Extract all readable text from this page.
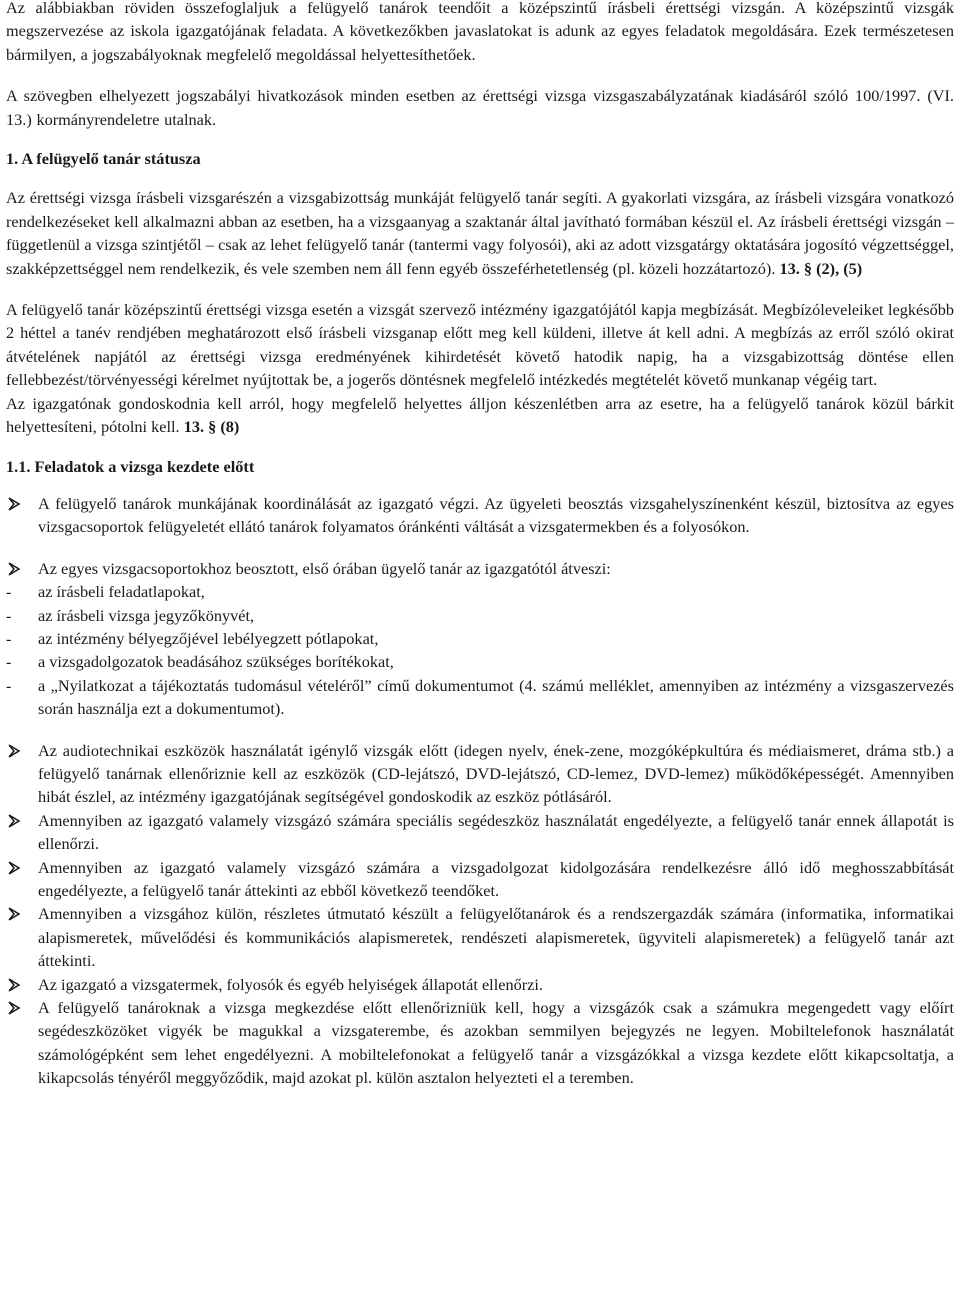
Az alábbiakban röviden összefoglaljuk a felügyelő tanárok teendőit a középszintű írásbeli érettségi vizsgán. A középszintű vizsgák megszervezése az iskola igazgatójának feladata. A következőkben javaslatokat is adunk az egyes feladatok megoldására. Ezek természetesen bármilyen, a jogszabályoknak megfelelő megoldással helyettesíthetőek.

A szövegben elhelyezett jogszabályi hivatkozások minden esetben az érettségi vizsga vizsgaszabályzatának kiadásáról szóló 100/1997. (VI. 13.) kormányrendeletre utalnak.

1. A felügyelő tanár státusza

Az érettségi vizsga írásbeli vizsgarészén a vizsgabizottság munkáját felügyelő tanár segíti. A gyakorlati vizsgára, az írásbeli vizsgára vonatkozó rendelkezéseket kell alkalmazni abban az esetben, ha a vizsgaanyag a szaktanár által javítható formában készül el. Az írásbeli érettségi vizsgán – függetlenül a vizsga szintjétől – csak az lehet felügyelő tanár (tantermi vagy folyosói), aki az adott vizsgatárgy oktatására jogosító végzettséggel, szakképzettséggel nem rendelkezik, és vele szemben nem áll fenn egyéb összeférhetetlenség (pl. közeli hozzátartozó). 13. § (2), (5)

A felügyelő tanár középszintű érettségi vizsga esetén a vizsgát szervező intézmény igazgatójától kapja megbízását. Megbízóleveleiket legkésőbb 2 héttel a tanév rendjében meghatározott első írásbeli vizsganap előtt meg kell küldeni, illetve át kell adni. A megbízás az erről szóló okirat átvételének napjától az érettségi vizsga eredményének kihirdetését követő hatodik napig, ha a vizsgabizottság döntése ellen fellebbezést/törvényességi kérelmet nyújtottak be, a jogerős döntésnek megfelelő intézkedés megtételét követő munkanap végéig tart.
Az igazgatónak gondoskodnia kell arról, hogy megfelelő helyettes álljon készenlétben arra az esetre, ha a felügyelő tanárok közül bárkit helyettesíteni, pótolni kell. 13. § (8)

1.1. Feladatok a vizsga kezdete előtt

A felügyelő tanárok munkájának koordinálását az igazgató végzi. Az ügyeleti beosztás vizsgahelyszínenként készül, biztosítva az egyes vizsgacsoportok felügyeletét ellátó tanárok folyamatos óránkénti váltását a vizsgatermekben és a folyosókon.
Az egyes vizsgacsoportokhoz beosztott, első órában ügyelő tanár az igazgatótól átveszi:
- az írásbeli feladatlapokat,
- az írásbeli vizsga jegyzőkönyvét,
- az intézmény bélyegzőjével lebélyegzett pótlapokat,
- a vizsgadolgozatok beadásához szükséges borítékokat,
- a „Nyilatkozat a tájékoztatás tudomásul vételéről” című dokumentumot (4. számú melléklet, amennyiben az intézmény a vizsgaszervezés során használja ezt a dokumentumot).
Az audiotechnikai eszközök használatát igénylő vizsgák előtt (idegen nyelv, ének-zene, mozgóképkultúra és médiaismeret, dráma stb.) a felügyelő tanárnak ellenőriznie kell az eszközök (CD-lejátszó, DVD-lejátszó, CD-lemez, DVD-lemez) működőképességét. Amennyiben hibát észlel, az intézmény igazgatójának segítségével gondoskodik az eszköz pótlásáról.
Amennyiben az igazgató valamely vizsgázó számára speciális segédeszköz használatát engedélyezte, a felügyelő tanár ennek állapotát is ellenőrzi.
Amennyiben az igazgató valamely vizsgázó számára a vizsgadolgozat kidolgozására rendelkezésre álló idő meghosszabbítását engedélyezte, a felügyelő tanár áttekinti az ebből következő teendőket.
Amennyiben a vizsgához külön, részletes útmutató készült a felügyelőtanárok és a rendszergazdák számára (informatika, informatikai alapismeretek, művelődési és kommunikációs alapismeretek, rendészeti alapismeretek, ügyviteli alapismeretek) a felügyelő tanár azt áttekinti.
Az igazgató a vizsgatermek, folyosók és egyéb helyiségek állapotát ellenőrzi.
A felügyelő tanároknak a vizsga megkezdése előtt ellenőrizniük kell, hogy a vizsgázók csak a számukra megengedett vagy előírt segédeszközöket vigyék be magukkal a vizsgaterembe, és azokban semmilyen bejegyzés ne legyen. Mobiltelefonok használatát számológépként sem lehet engedélyezni. A mobiltelefonokat a felügyelő tanár a vizsgázókkal a vizsga kezdete előtt kikapcsoltatja, a kikapcsolás tényéről meggyőződik, majd azokat pl. külön asztalon helyezteti el a teremben.
